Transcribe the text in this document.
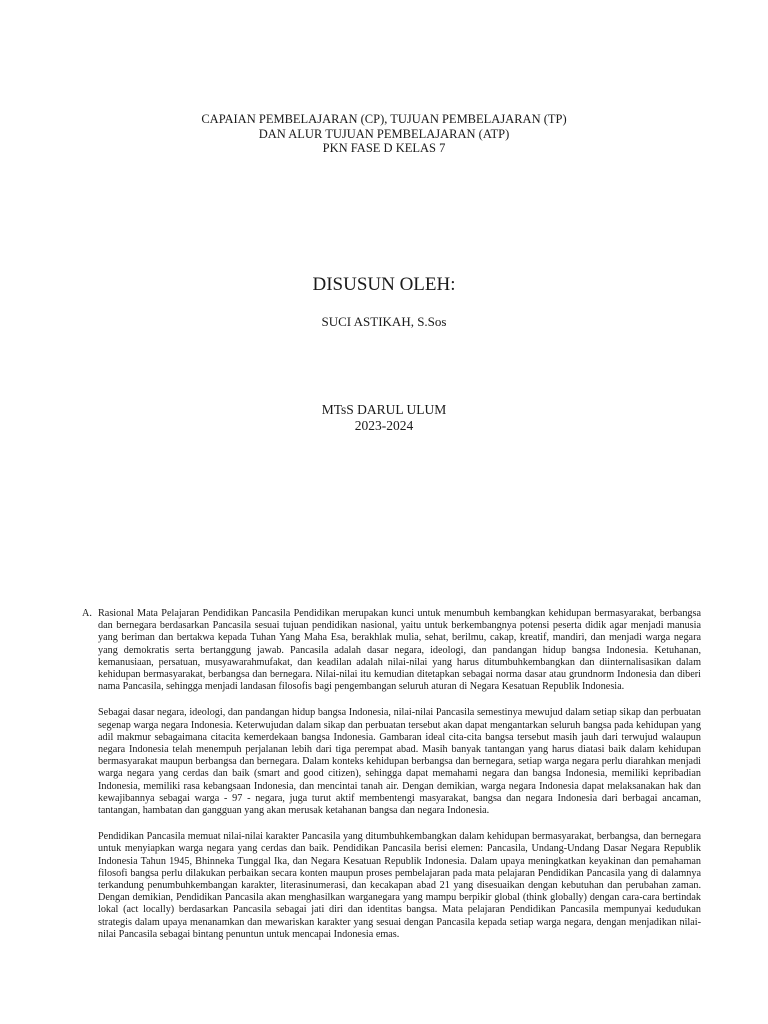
CAPAIAN PEMBELAJARAN (CP), TUJUAN PEMBELAJARAN (TP)
DAN ALUR TUJUAN PEMBELAJARAN (ATP)
PKN FASE D KELAS 7
DISUSUN OLEH:
SUCI ASTIKAH, S.Sos
MTsS DARUL ULUM
2023-2024
A. Rasional Mata Pelajaran Pendidikan Pancasila Pendidikan merupakan kunci untuk menumbuh kembangkan kehidupan bermasyarakat, berbangsa dan bernegara berdasarkan Pancasila sesuai tujuan pendidikan nasional, yaitu untuk berkembangnya potensi peserta didik agar menjadi manusia yang beriman dan bertakwa kepada Tuhan Yang Maha Esa, berakhlak mulia, sehat, berilmu, cakap, kreatif, mandiri, dan menjadi warga negara yang demokratis serta bertanggung jawab. Pancasila adalah dasar negara, ideologi, dan pandangan hidup bangsa Indonesia. Ketuhanan, kemanusiaan, persatuan, musyawarahmufakat, dan keadilan adalah nilai-nilai yang harus ditumbuhkembangkan dan diinternalisasikan dalam kehidupan bermasyarakat, berbangsa dan bernegara. Nilai-nilai itu kemudian ditetapkan sebagai norma dasar atau grundnorm Indonesia dan diberi nama Pancasila, sehingga menjadi landasan filosofis bagi pengembangan seluruh aturan di Negara Kesatuan Republik Indonesia.

Sebagai dasar negara, ideologi, dan pandangan hidup bangsa Indonesia, nilai-nilai Pancasila semestinya mewujud dalam setiap sikap dan perbuatan segenap warga negara Indonesia. Keterwujudan dalam sikap dan perbuatan tersebut akan dapat mengantarkan seluruh bangsa pada kehidupan yang adil makmur sebagaimana citacita kemerdekaan bangsa Indonesia. Gambaran ideal cita-cita bangsa tersebut masih jauh dari terwujud walaupun negara Indonesia telah menempuh perjalanan lebih dari tiga perempat abad. Masih banyak tantangan yang harus diatasi baik dalam kehidupan bermasyarakat maupun berbangsa dan bernegara. Dalam konteks kehidupan berbangsa dan bernegara, setiap warga negara perlu diarahkan menjadi warga negara yang cerdas dan baik (smart and good citizen), sehingga dapat memahami negara dan bangsa Indonesia, memiliki kepribadian Indonesia, memiliki rasa kebangsaan Indonesia, dan mencintai tanah air. Dengan demikian, warga negara Indonesia dapat melaksanakan hak dan kewajibannya sebagai warga - 97 - negara, juga turut aktif membentengi masyarakat, bangsa dan negara Indonesia dari berbagai ancaman, tantangan, hambatan dan gangguan yang akan merusak ketahanan bangsa dan negara Indonesia.

Pendidikan Pancasila memuat nilai-nilai karakter Pancasila yang ditumbuhkembangkan dalam kehidupan bermasyarakat, berbangsa, dan bernegara untuk menyiapkan warga negara yang cerdas dan baik. Pendidikan Pancasila berisi elemen: Pancasila, Undang-Undang Dasar Negara Republik Indonesia Tahun 1945, Bhinneka Tunggal Ika, dan Negara Kesatuan Republik Indonesia. Dalam upaya meningkatkan keyakinan dan pemahaman filosofi bangsa perlu dilakukan perbaikan secara konten maupun proses pembelajaran pada mata pelajaran Pendidikan Pancasila yang di dalamnya terkandung penumbuhkembangan karakter, literasinumerasi, dan kecakapan abad 21 yang disesuaikan dengan kebutuhan dan perubahan zaman. Dengan demikian, Pendidikan Pancasila akan menghasilkan warganegara yang mampu berpikir global (think globally) dengan cara-cara bertindak lokal (act locally) berdasarkan Pancasila sebagai jati diri dan identitas bangsa. Mata pelajaran Pendidikan Pancasila mempunyai kedudukan strategis dalam upaya menanamkan dan mewariskan karakter yang sesuai dengan Pancasila kepada setiap warga negara, dengan menjadikan nilai-nilai Pancasila sebagai bintang penuntun untuk mencapai Indonesia emas.
